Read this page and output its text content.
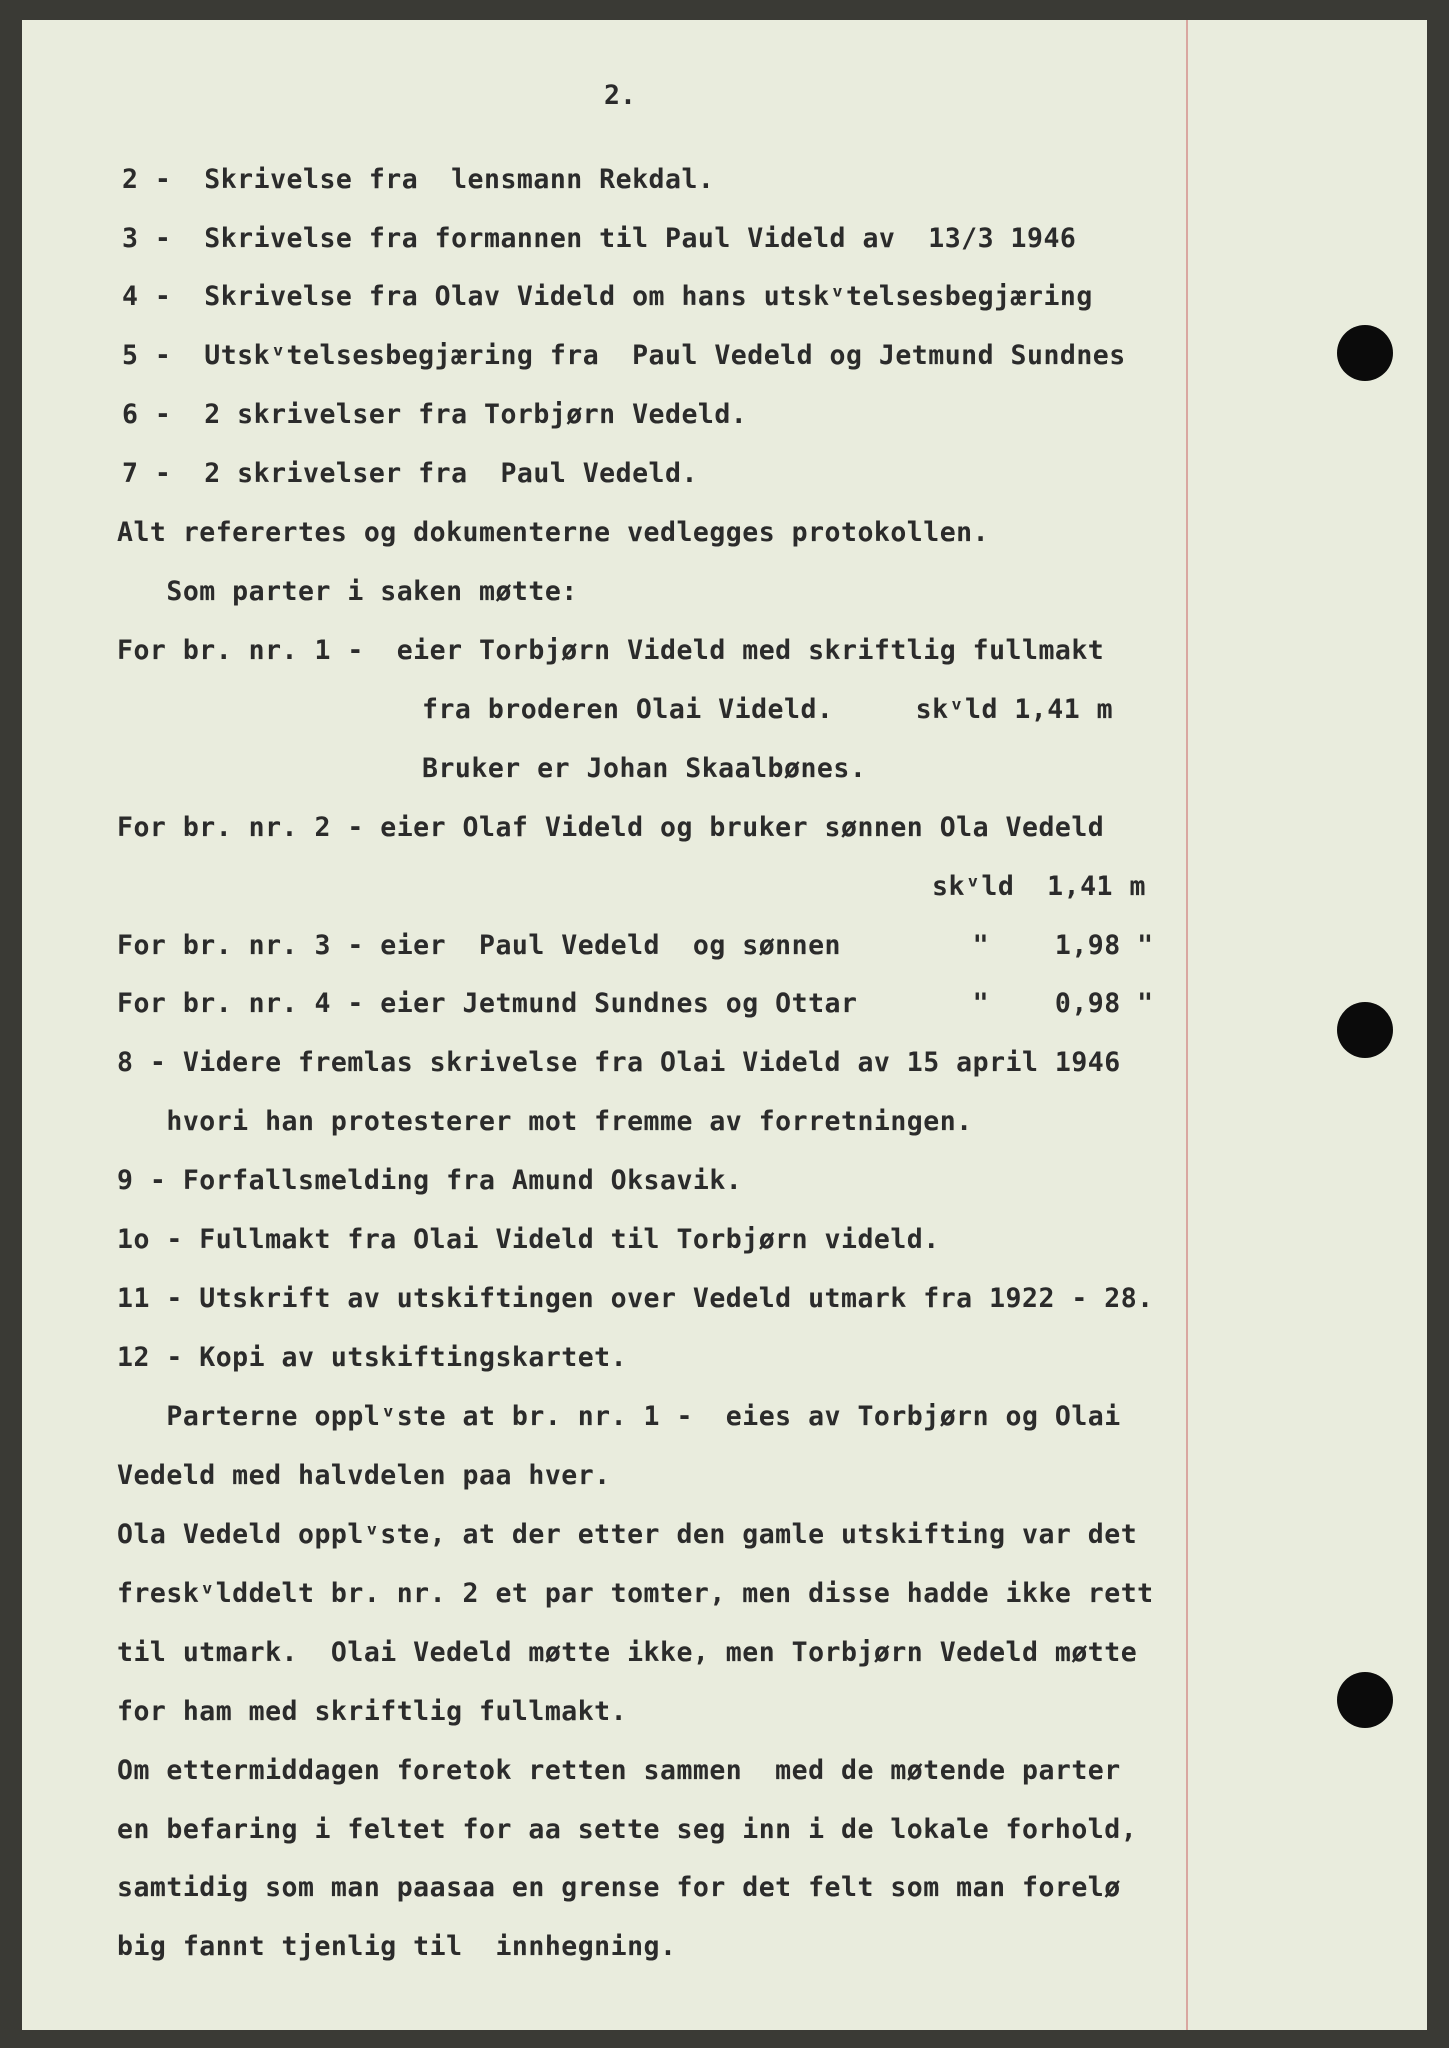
2.
2 -  Skrivelse fra  lensmann Rekdal.
3 -  Skrivelse fra formannen til Paul Videld av  13/3 1946
4 -  Skrivelse fra Olav Videld om hans utskᵛtelsesbegjæring
5 -  Utskᵛtelsesbegjæring fra  Paul Vedeld og Jetmund Sundnes
6 -  2 skrivelser fra Torbjørn Vedeld.
7 -  2 skrivelser fra  Paul Vedeld.
Alt referertes og dokumenterne vedlegges protokollen.
Som parter i saken møtte:
For br. nr. 1 -  eier Torbjørn Videld med skriftlig fullmakt
fra broderen Olai Videld.     skᵛld 1,41 m
Bruker er Johan Skaalbønes.
For br. nr. 2 - eier Olaf Videld og bruker sønnen Ola Vedeld
skᵛld  1,41 m
For br. nr. 3 - eier  Paul Vedeld  og sønnen        "    1,98 "
For br. nr. 4 - eier Jetmund Sundnes og Ottar       "    0,98 "
8 - Videre fremlas skrivelse fra Olai Videld av 15 april 1946
hvori han protesterer mot fremme av forretningen.
9 - Forfallsmelding fra Amund Oksavik.
1o - Fullmakt fra Olai Videld til Torbjørn videld.
11 - Utskrift av utskiftingen over Vedeld utmark fra 1922 - 28.
12 - Kopi av utskiftingskartet.
Parterne opplᵛste at br. nr. 1 -  eies av Torbjørn og Olai
Vedeld med halvdelen paa hver.
Ola Vedeld opplᵛste, at der etter den gamle utskifting var det
freskᵛlddelt br. nr. 2 et par tomter, men disse hadde ikke rett
til utmark.  Olai Vedeld møtte ikke, men Torbjørn Vedeld møtte
for ham med skriftlig fullmakt.
Om ettermiddagen foretok retten sammen  med de møtende parter
en befaring i feltet for aa sette seg inn i de lokale forhold,
samtidig som man paasaa en grense for det felt som man forelø
big fannt tjenlig til  innhegning.
